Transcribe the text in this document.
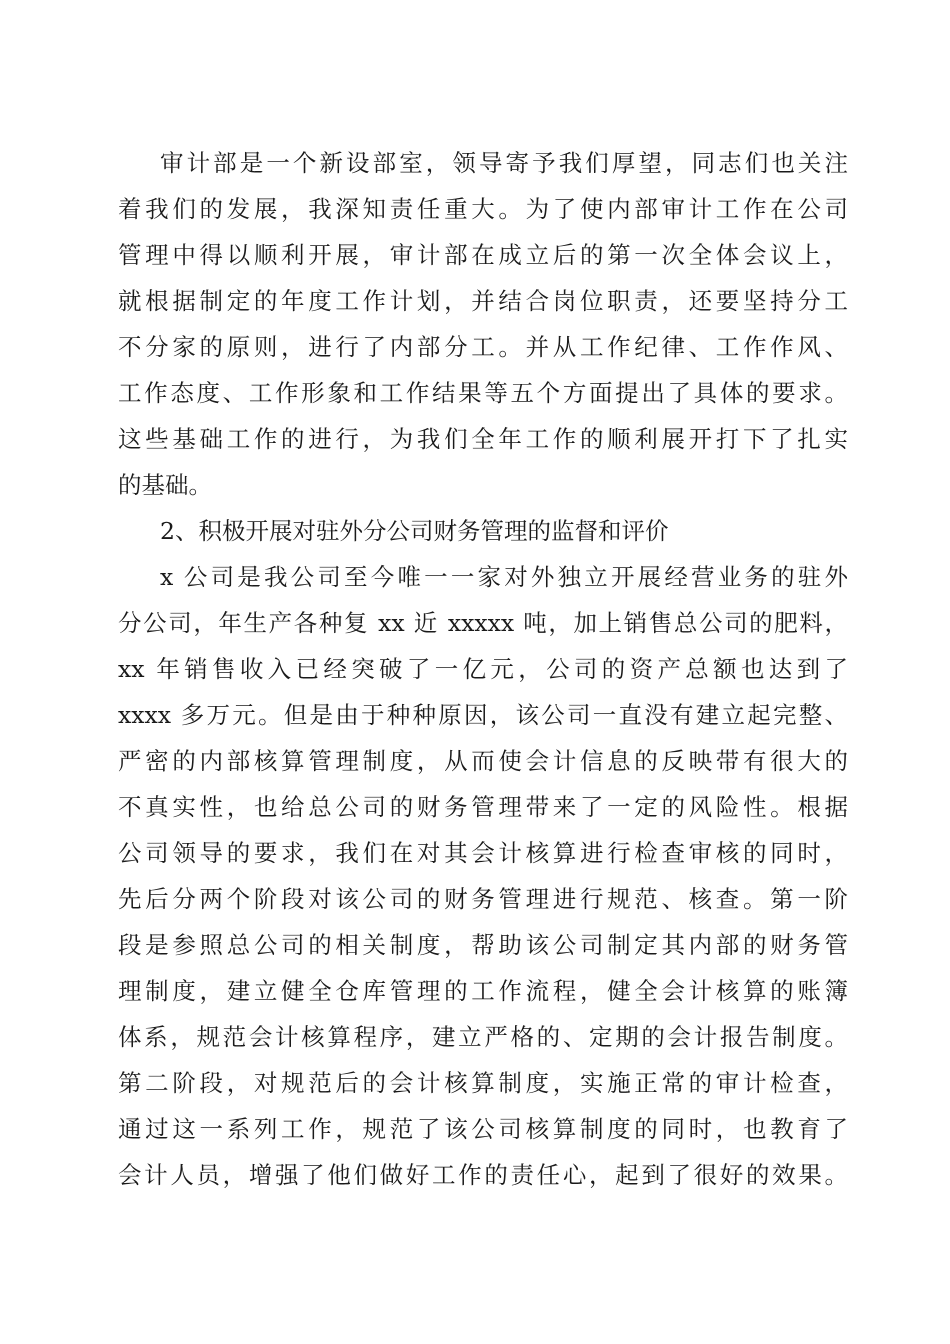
审计部是一个新设部室，领导寄予我们厚望，同志们也关注
着我们的发展，我深知责任重大。为了使内部审计工作在公司
管理中得以顺利开展，审计部在成立后的第一次全体会议上，
就根据制定的年度工作计划，并结合岗位职责，还要坚持分工
不分家的原则，进行了内部分工。并从工作纪律、工作作风、
工作态度、工作形象和工作结果等五个方面提出了具体的要求。
这些基础工作的进行，为我们全年工作的顺利展开打下了扎实
的基础。
2、积极开展对驻外分公司财务管理的监督和评价
x 公司是我公司至今唯一一家对外独立开展经营业务的驻外
分公司，年生产各种复 xx 近 xxxxx 吨，加上销售总公司的肥料，
xx 年销售收入已经突破了一亿元，公司的资产总额也达到了
xxxx 多万元。但是由于种种原因，该公司一直没有建立起完整、
严密的内部核算管理制度，从而使会计信息的反映带有很大的
不真实性，也给总公司的财务管理带来了一定的风险性。根据
公司领导的要求，我们在对其会计核算进行检查审核的同时，
先后分两个阶段对该公司的财务管理进行规范、核查。第一阶
段是参照总公司的相关制度，帮助该公司制定其内部的财务管
理制度，建立健全仓库管理的工作流程，健全会计核算的账簿
体系，规范会计核算程序，建立严格的、定期的会计报告制度。
第二阶段，对规范后的会计核算制度，实施正常的审计检查，
通过这一系列工作，规范了该公司核算制度的同时，也教育了
会计人员，增强了他们做好工作的责任心，起到了很好的效果。
